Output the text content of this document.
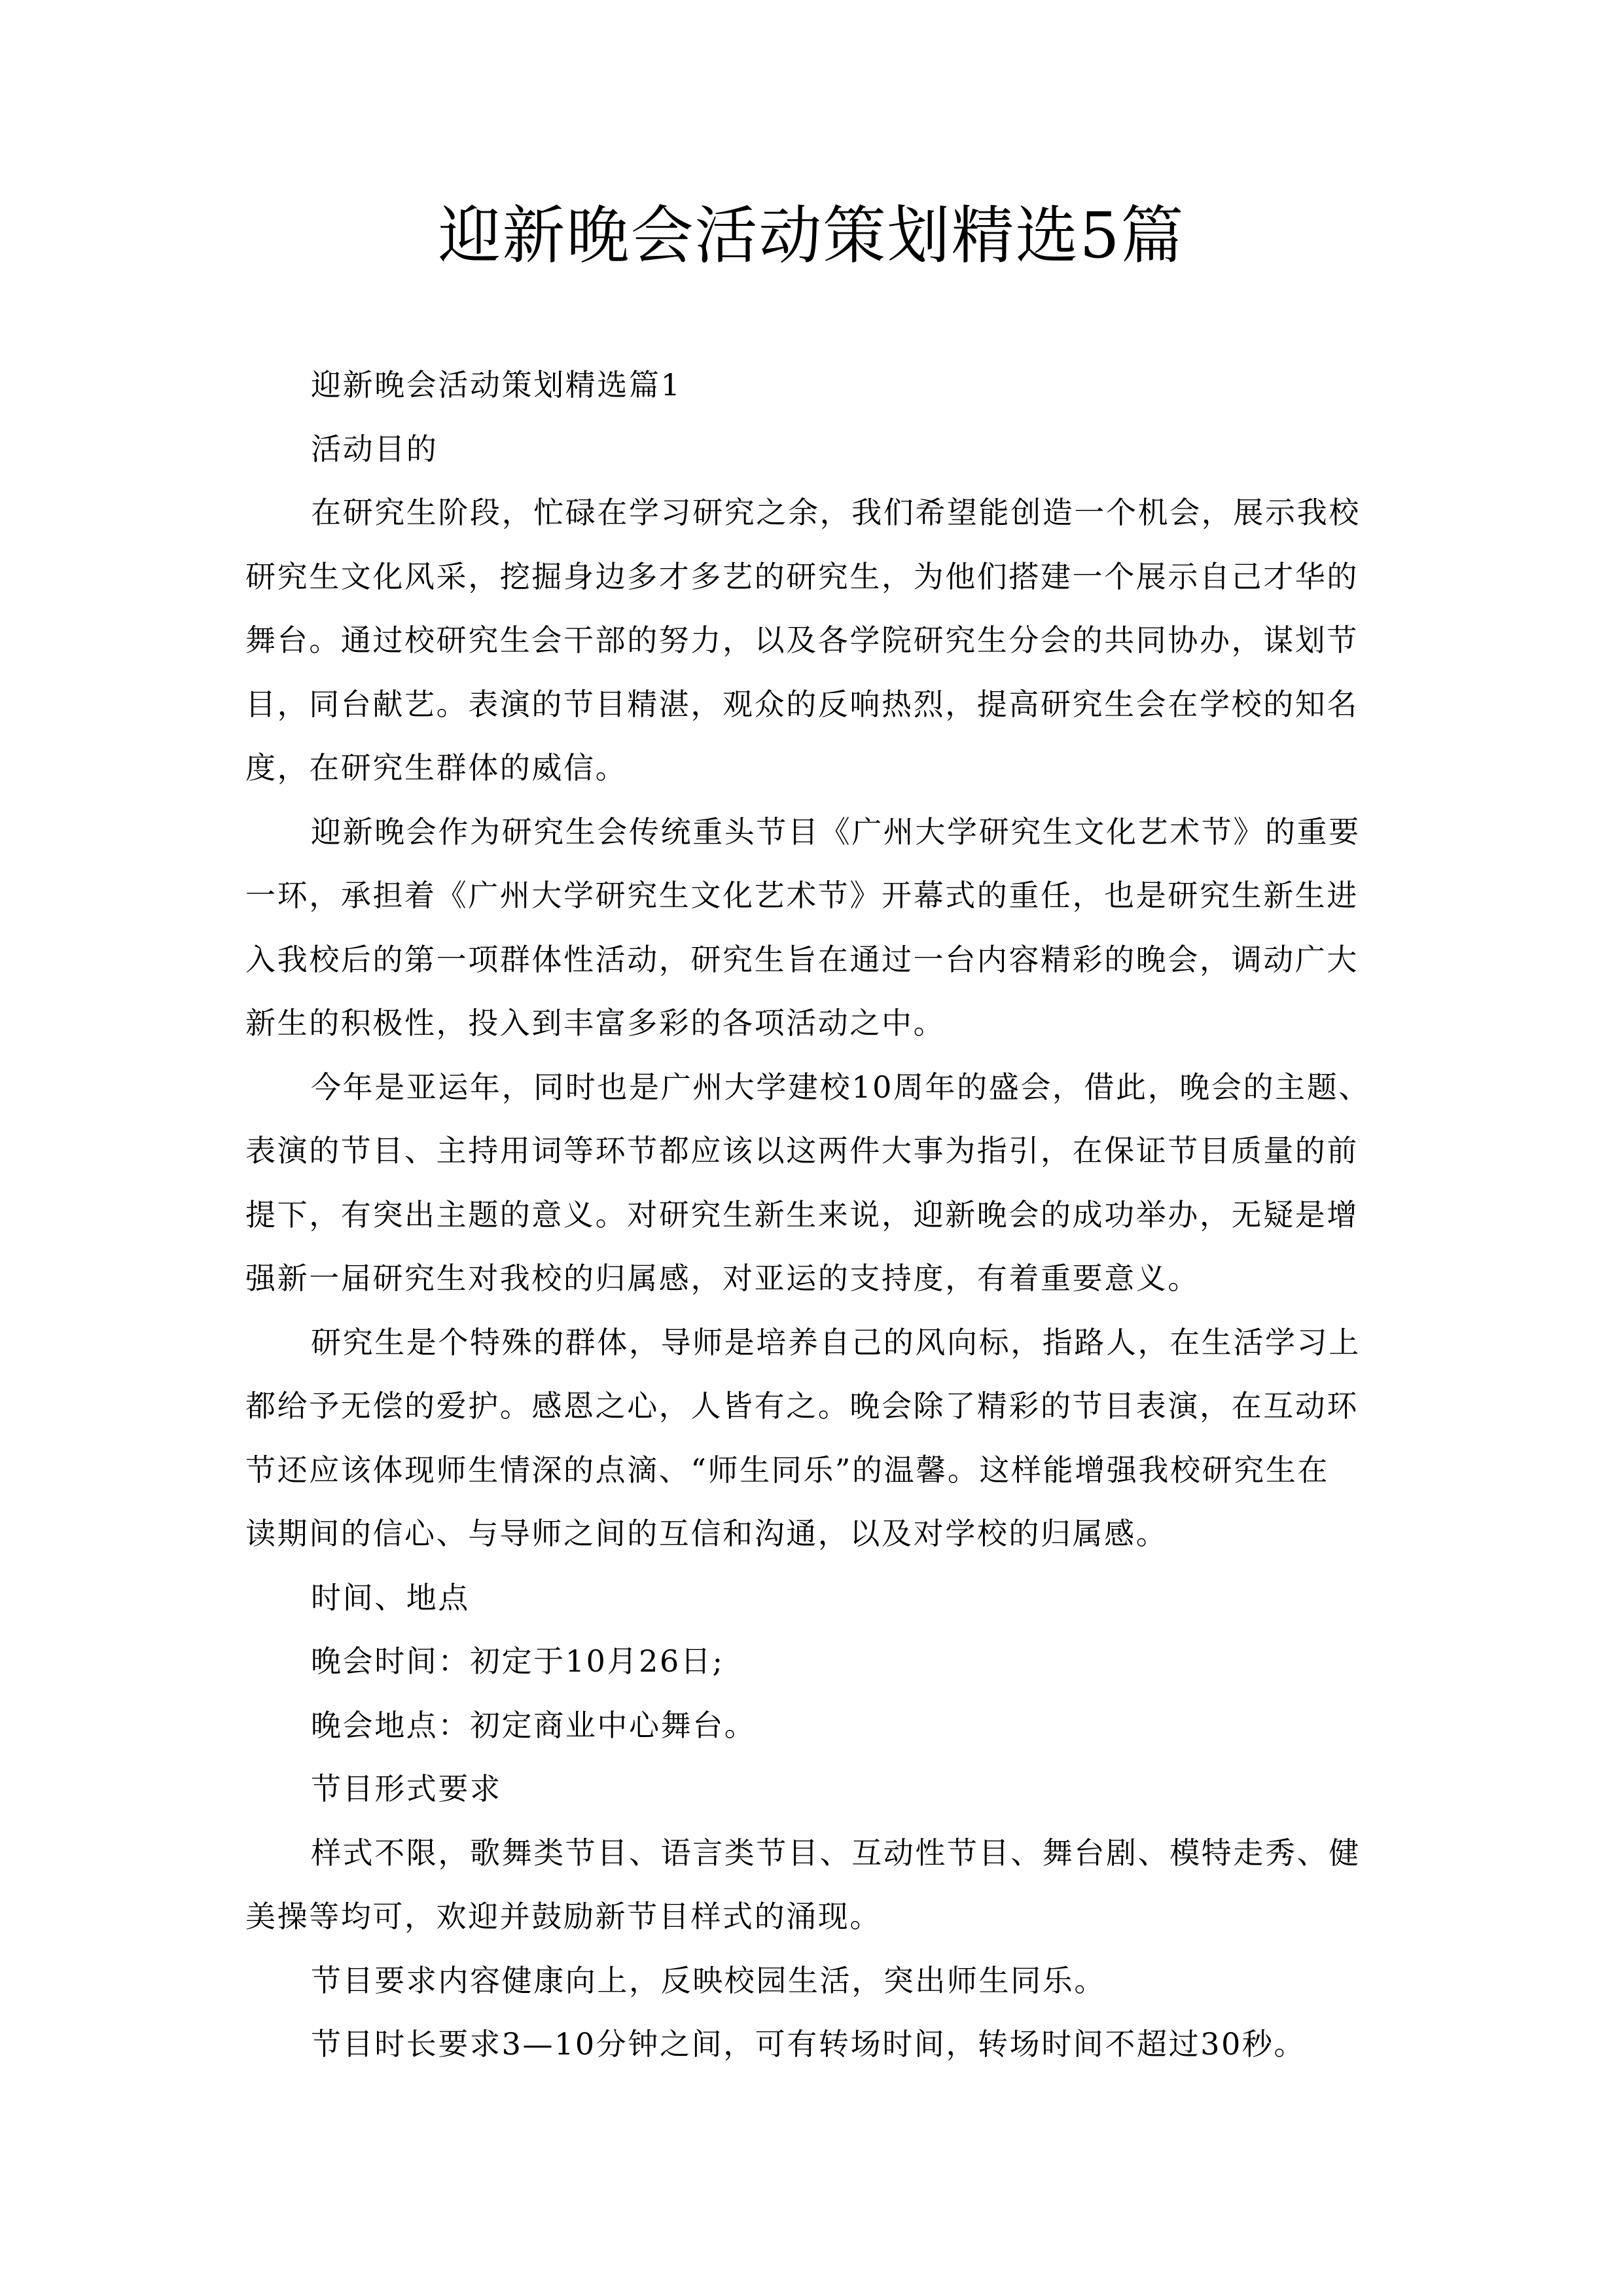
迎新晚会活动策划精选5篇
迎新晚会活动策划精选篇1
活动目的
在研究生阶段，忙碌在学习研究之余，我们希望能创造一个机会，展示我校
研究生文化风采，挖掘身边多才多艺的研究生，为他们搭建一个展示自己才华的
舞台。通过校研究生会干部的努力，以及各学院研究生分会的共同协办，谋划节
目，同台献艺。表演的节目精湛，观众的反响热烈，提高研究生会在学校的知名
度，在研究生群体的威信。
迎新晚会作为研究生会传统重头节目《广州大学研究生文化艺术节》的重要
一环，承担着《广州大学研究生文化艺术节》开幕式的重任，也是研究生新生进
入我校后的第一项群体性活动，研究生旨在通过一台内容精彩的晚会，调动广大
新生的积极性，投入到丰富多彩的各项活动之中。
今年是亚运年，同时也是广州大学建校10周年的盛会，借此，晚会的主题、
表演的节目、主持用词等环节都应该以这两件大事为指引，在保证节目质量的前
提下，有突出主题的意义。对研究生新生来说，迎新晚会的成功举办，无疑是增
强新一届研究生对我校的归属感，对亚运的支持度，有着重要意义。
研究生是个特殊的群体，导师是培养自己的风向标，指路人，在生活学习上
都给予无偿的爱护。感恩之心，人皆有之。晚会除了精彩的节目表演，在互动环
节还应该体现师生情深的点滴、“师生同乐”的温馨。这样能增强我校研究生在
读期间的信心、与导师之间的互信和沟通，以及对学校的归属感。
时间、地点
晚会时间：初定于10月26日;
晚会地点：初定商业中心舞台。
节目形式要求
样式不限，歌舞类节目、语言类节目、互动性节目、舞台剧、模特走秀、健
美操等均可，欢迎并鼓励新节目样式的涌现。
节目要求内容健康向上，反映校园生活，突出师生同乐。
节目时长要求3—10分钟之间，可有转场时间，转场时间不超过30秒。
